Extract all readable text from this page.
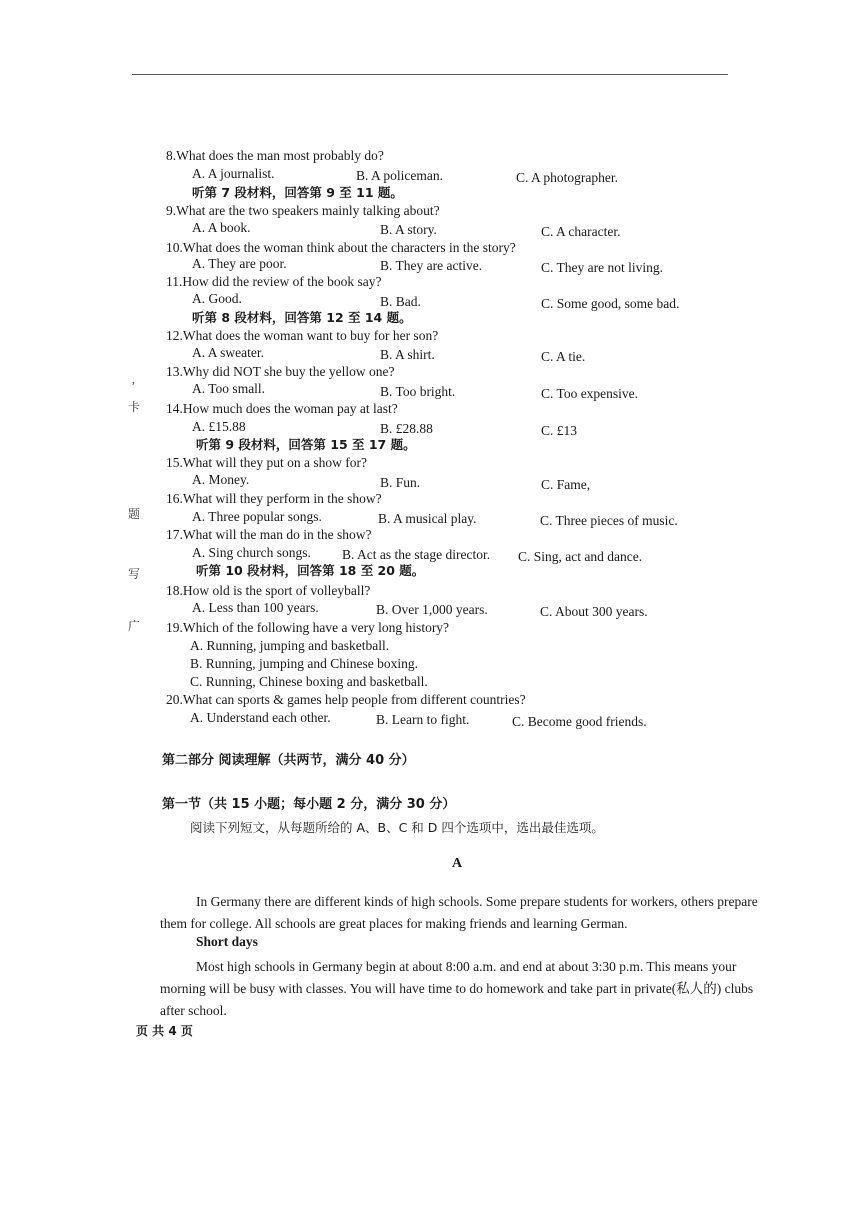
,
卡
题
写
广
8.What does the man most probably do?
A. A journalist.	B. A policeman.	C. A photographer.
听第 7 段材料，回答第 9 至 11 题。
9.What are the two speakers mainly talking about?
A. A book.	B. A story.	C. A character.
10.What does the woman think about the characters in the story?
A. They are poor.	B. They are active.	C. They are not living.
11.How did the review of the book say?
A. Good.	B. Bad.	C. Some good, some bad.
听第 8 段材料，回答第 12 至 14 题。
12.What does the woman want to buy for her son?
A. A sweater.	B. A shirt.	C. A tie.
13.Why did NOT she buy the yellow one?
A. Too small.	B. Too bright.	C. Too expensive.
14.How much does the woman pay at last?
A. £15.88	B. £28.88	C. £13
听第 9 段材料，回答第 15 至 17 题。
15.What will they put on a show for?
A. Money.	B. Fun.	C. Fame,
16.What will they perform in the show?
A. Three popular songs.	B. A musical play.	C. Three pieces of music.
17.What will the man do in the show?
A. Sing church songs. B. Act as the stage director. C. Sing, act and dance.
听第 10 段材料，回答第 18 至 20 题。
18.How old is the sport of volleyball?
A. Less than 100 years.	B. Over 1,000 years.	C. About 300 years.
19.Which of the following have a very long history?
A. Running, jumping and basketball.
B. Running, jumping and Chinese boxing.
C. Running, Chinese boxing and basketball.
20.What can sports & games help people from different countries?
A. Understand each other.	B. Learn to fight.	C. Become good friends.
第二部分 阅读理解（共两节，满分 40 分）
第一节（共 15 小题；每小题 2 分，满分 30 分）
阅读下列短文，从每题所给的 A、B、C 和 D 四个选项中，选出最佳选项。
A
In Germany there are different kinds of high schools. Some prepare students for workers, others prepare them for college. All schools are great places for making friends and learning German.
Short days
Most high schools in Germany begin at about 8:00 a.m. and end at about 3:30 p.m. This means your morning will be busy with classes. You will have time to do homework and take part in private(私人的) clubs after school.
页 共 4 页
